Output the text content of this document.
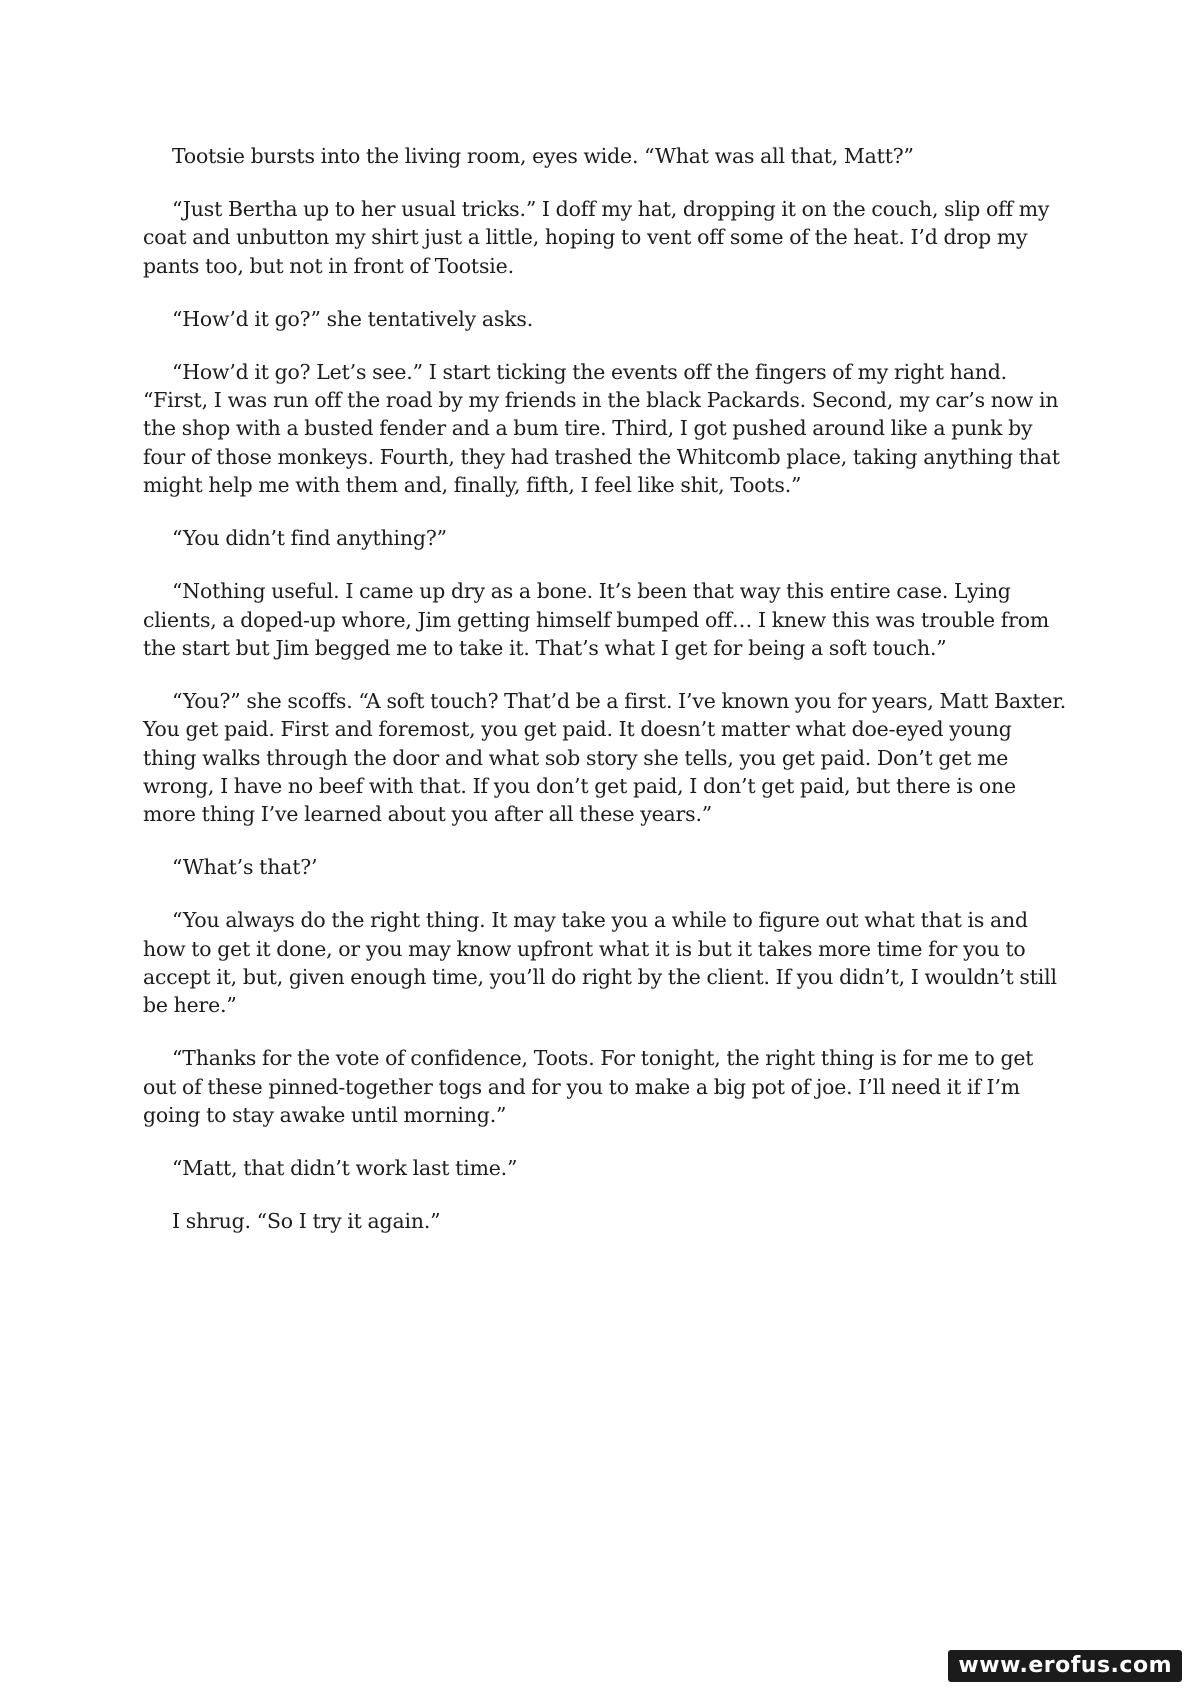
Tootsie bursts into the living room, eyes wide. “What was all that, Matt?”

“Just Bertha up to her usual tricks.” I doff my hat, dropping it on the couch, slip off my coat and unbutton my shirt just a little, hoping to vent off some of the heat. I’d drop my pants too, but not in front of Tootsie.

“How’d it go?” she tentatively asks.

“How’d it go? Let’s see.” I start ticking the events off the fingers of my right hand. “First, I was run off the road by my friends in the black Packards. Second, my car’s now in the shop with a busted fender and a bum tire. Third, I got pushed around like a punk by four of those monkeys. Fourth, they had trashed the Whitcomb place, taking anything that might help me with them and, finally, fifth, I feel like shit, Toots.”

“You didn’t find anything?”

“Nothing useful. I came up dry as a bone. It’s been that way this entire case. Lying clients, a doped-up whore, Jim getting himself bumped off… I knew this was trouble from the start but Jim begged me to take it. That’s what I get for being a soft touch.”

“You?” she scoffs. “A soft touch? That’d be a first. I’ve known you for years, Matt Baxter. You get paid. First and foremost, you get paid. It doesn’t matter what doe-eyed young thing walks through the door and what sob story she tells, you get paid. Don’t get me wrong, I have no beef with that. If you don’t get paid, I don’t get paid, but there is one more thing I’ve learned about you after all these years.”

“What’s that?’

“You always do the right thing. It may take you a while to figure out what that is and how to get it done, or you may know upfront what it is but it takes more time for you to accept it, but, given enough time, you’ll do right by the client. If you didn’t, I wouldn’t still be here.”

“Thanks for the vote of confidence, Toots. For tonight, the right thing is for me to get out of these pinned-together togs and for you to make a big pot of joe. I’ll need it if I’m going to stay awake until morning.”

“Matt, that didn’t work last time.”

I shrug. “So I try it again.”

www.erofus.com
